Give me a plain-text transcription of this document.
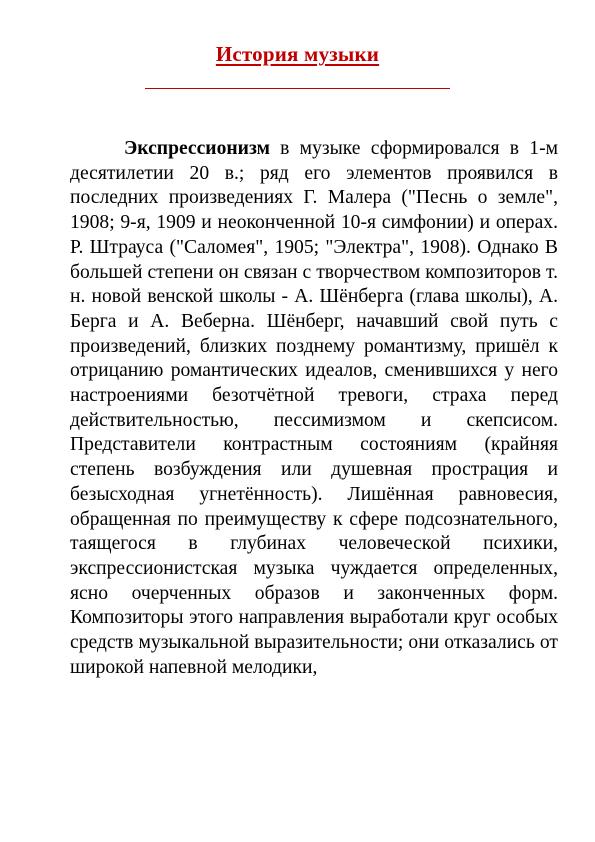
История музыки

Экспрессионизм в музыке сформировался в 1-м десятилетии 20 в.; ряд его элементов проявился в последних произведениях Г. Малера ("Песнь о земле", 1908; 9-я, 1909 и неоконченной 10-я симфонии) и операх. Р. Штрауса ("Саломея", 1905; "Электра", 1908). Однако В большей степени он связан с творчеством композиторов т. н. новой венской школы - А. Шёнберга (глава школы), А. Берга и А. Веберна. Шёнберг, начавший свой путь с произведений, близких позднему романтизму, пришёл к отрицанию романтических идеалов, сменившихся у него настроениями безотчётной тревоги, страха перед действительностью, пессимизмом и скепсисом. Представители контрастным состояниям (крайняя степень возбуждения или душевная прострация и безысходная угнетённость). Лишённая равновесия, обращенная по преимуществу к сфере подсознательного, таящегося в глубинах человеческой психики, экспрессионистская музыка чуждается определенных, ясно очерченных образов и законченных форм. Композиторы этого направления выработали круг особых средств музыкальной выразительности; они отказались от широкой напевной мелодики,
